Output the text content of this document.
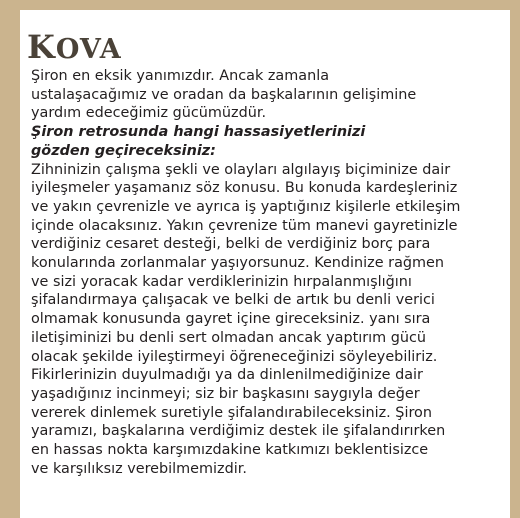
KOVA

Şiron en eksik yanımızdır. Ancak zamanla

ustalaşacağımız ve oradan da başkalarının gelişimine

yardım edeceğimiz gücümüzdür.

Şiron retrosunda hangi hassasiyetlerinizi

gözden geçireceksiniz:

Zihninizin çalışma şekli ve olayları algılayış biçiminize dair

iyileşmeler yaşamanız söz konusu. Bu konuda kardeşleriniz

ve yakın çevrenizle ve ayrıca iş yaptığınız kişilerle etkileşim

içinde olacaksınız. Yakın çevrenize tüm manevi gayretinizle

verdiğiniz cesaret desteği, belki de verdiğiniz borç para

konularında zorlanmalar yaşıyorsunuz. Kendinize rağmen

ve sizi yoracak kadar verdiklerinizin hırpalanmışlığını

şifalandırmaya çalışacak ve belki de artık bu denli verici

olmamak konusunda gayret içine gireceksiniz. yanı sıra

iletişiminizi bu denli sert olmadan ancak yaptırım gücü

olacak şekilde iyileştirmeyi öğreneceğinizi söyleyebiliriz.

Fikirlerinizin duyulmadığı ya da dinlenilmediğinize dair

yaşadığınız incinmeyi; siz bir başkasını saygıyla değer

vererek dinlemek suretiyle şifalandırabileceksiniz. Şiron

yaramızı, başkalarına verdiğimiz destek ile şifalandırırken

en hassas nokta karşımızdakine katkımızı beklentisizce

ve karşılıksız verebilmemizdir.
